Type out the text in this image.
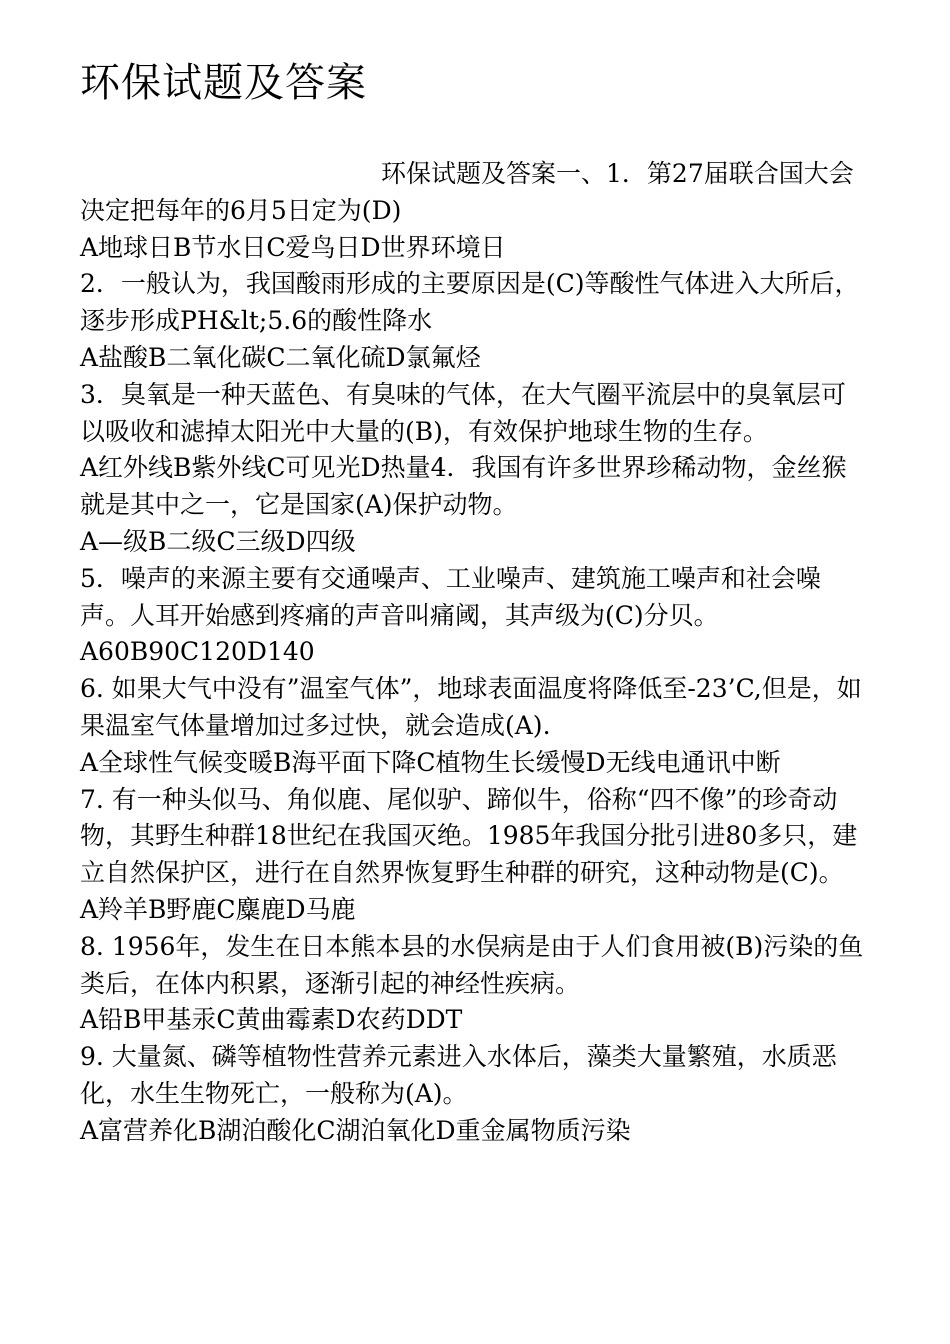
环保试题及答案

环保试题及答案一、1．第27届联合国大会决定把每年的6月5日定为(D)

A地球日B节水日C爱鸟日D世界环境日

2．一般认为，我国酸雨形成的主要原因是(C)等酸性气体进入大所后，逐步形成PH&lt;5.6的酸性降水

A盐酸B二氧化碳C二氧化硫D氯氟烃

3．臭氧是一种天蓝色、有臭味的气体，在大气圈平流层中的臭氧层可以吸收和滤掉太阳光中大量的(B)，有效保护地球生物的生存。

A红外线B紫外线C可见光D热量4．我国有许多世界珍稀动物，金丝猴就是其中之一，它是国家(A)保护动物。

A—级B二级C三级D四级

5．噪声的来源主要有交通噪声、工业噪声、建筑施工噪声和社会噪声。人耳开始感到疼痛的声音叫痛阈，其声级为(C)分贝。

A60B90C120D140

6. 如果大气中没有”温室气体”，地球表面温度将降低至-23’C,但是，如果温室气体量增加过多过快，就会造成(A).

A全球性气候变暖B海平面下降C植物生长缓慢D无线电通讯中断

7. 有一种头似马、角似鹿、尾似驴、蹄似牛，俗称“四不像”的珍奇动物，其野生种群18世纪在我国灭绝。1985年我国分批引进80多只，建立自然保护区，进行在自然界恢复野生种群的研究，这种动物是(C)。

A羚羊B野鹿C麋鹿D马鹿

8. 1956年，发生在日本熊本县的水俣病是由于人们食用被(B)污染的鱼类后，在体内积累，逐渐引起的神经性疾病。

A铅B甲基汞C黄曲霉素D农药DDT

9. 大量氮、磷等植物性营养元素进入水体后，藻类大量繁殖，水质恶化，水生生物死亡，一般称为(A)。

A富营养化B湖泊酸化C湖泊氧化D重金属物质污染
